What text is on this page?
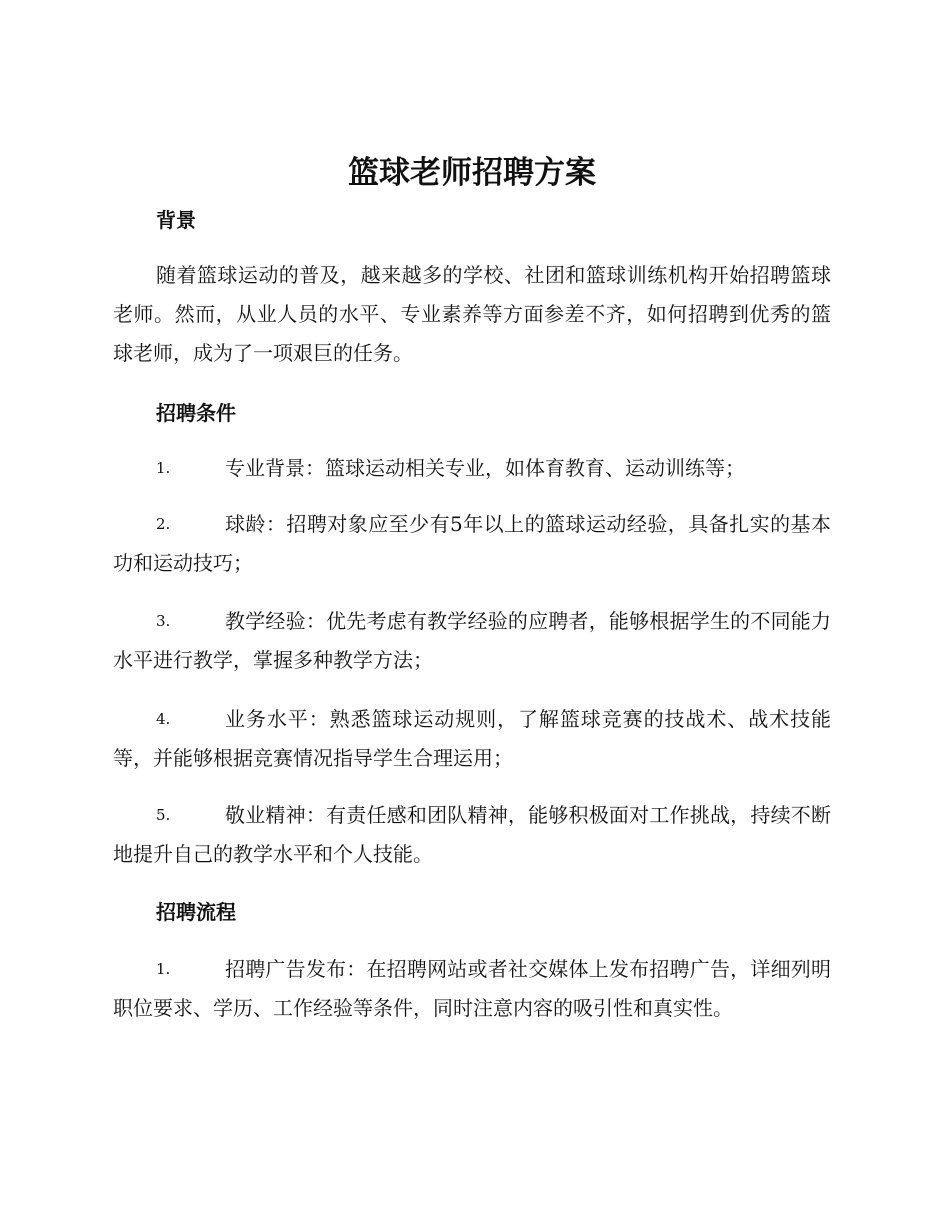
篮球老师招聘方案
背景

随着篮球运动的普及，越来越多的学校、社团和篮球训练机构开始招聘篮球老师。然而，从业人员的水平、专业素养等方面参差不齐，如何招聘到优秀的篮球老师，成为了一项艰巨的任务。

招聘条件
1.	专业背景：篮球运动相关专业，如体育教育、运动训练等；
2.	球龄：招聘对象应至少有5年以上的篮球运动经验，具备扎实的基本功和运动技巧；
3.	教学经验：优先考虑有教学经验的应聘者，能够根据学生的不同能力水平进行教学，掌握多种教学方法；
4.	业务水平：熟悉篮球运动规则，了解篮球竞赛的技战术、战术技能等，并能够根据竞赛情况指导学生合理运用；
5.	敬业精神：有责任感和团队精神，能够积极面对工作挑战，持续不断地提升自己的教学水平和个人技能。
招聘流程
1.	招聘广告发布：在招聘网站或者社交媒体上发布招聘广告，详细列明职位要求、学历、工作经验等条件，同时注意内容的吸引性和真实性。
